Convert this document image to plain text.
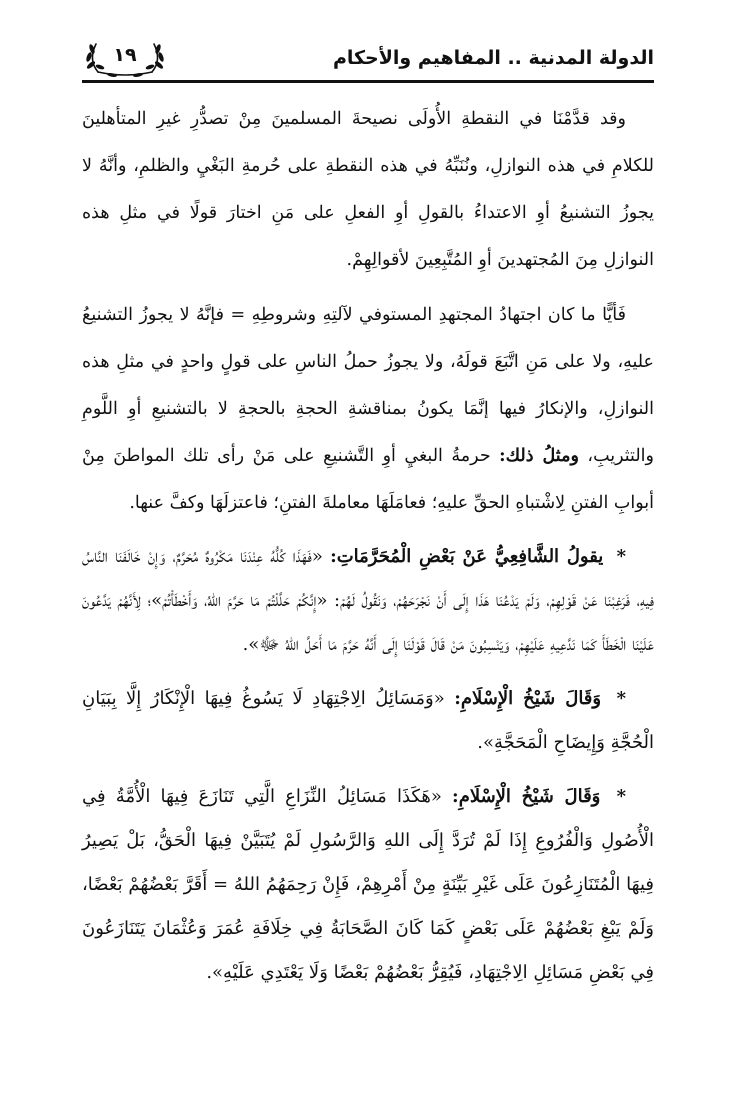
الدولة المدنية .. المفاهيم والأحكام
١٩

وقد قدَّمْنَا في النقطةِ الأُولَى نصيحةَ المسلمينَ مِنْ تصدُّرِ غيرِ المتأهلينَ للكلامِ في هذه النوازلِ، ونُنَبِّهُ في هذه النقطةِ على حُرمةِ البَغْيِ والظلمِ، وأنَّهُ لا يجوزُ التشنيعُ أوِ الاعتداءُ بالقولِ أوِ الفعلِ على مَنِ اختارَ قولًا في مثلِ هذه النوازلِ مِنَ المُجتهدينَ أوِ المُتَّبِعِينَ لأقوالِهِمْ.

فَأيًّا ما كان اجتهادُ المجتهدِ المستوفي لآلتِهِ وشروطِهِ = فإنَّهُ لا يجوزُ التشنيعُ عليهِ، ولا على مَنِ اتَّبَعَ قولَهُ، ولا يجوزُ حملُ الناسِ على قولٍ واحدٍ في مثلِ هذه النوازلِ، والإنكارُ فيها إنَّمَا يكونُ بمناقشةِ الحجةِ بالحجةِ لا بالتشنيعِ أوِ اللَّومِ والتثريبِ، ومثلُ ذلك: حرمةُ البغيِ أوِ التَّشنيعِ على مَنْ رأى تلك المواطنَ مِنْ أبوابِ الفتنِ لِاشْتباهِ الحقِّ عليهِ؛ فعامَلَهَا معاملةَ الفتنِ؛ فاعتزلَهَا وكفَّ عنها.

* يقولُ الشَّافِعِيُّ عَنْ بَعْضِ الْمُحَرَّمَاتِ: «فَهَذَا كُلُّهُ عِنْدَنَا مَكْرُوهٌ مُحَرَّمٌ، وَإِنْ خَالَفَنَا النَّاسُ فِيهِ، فَرَغِبْنَا عَنْ قَوْلِهِمْ، وَلَمْ يَدْعُنَا هَذَا إِلَى أَنْ نَجْرَحَهُمْ، وَنَقُولُ لَهُمْ: «إِنَّكُمْ حَلَّلْتُمْ مَا حَرَّمَ اللهُ، وَأَخْطَأْتُمْ»؛ لِأَنَّهُمْ يَدَّعُونَ عَلَيْنَا الْخَطَأَ كَمَا نَدَّعِيهِ عَلَيْهِمْ، وَيَنْسِبُونَ مَنْ قَالَ قَوْلَنَا إِلَى أَنَّهُ حَرَّمَ مَا أَحَلَّ اللهُ ﷻ».

* وَقَالَ شَيْخُ الْإِسْلَامِ: «وَمَسَائِلُ الِاجْتِهَادِ لَا يَسُوغُ فِيهَا الْإِنْكَارُ إِلَّا بِبَيَانِ الْحُجَّةِ وَإِيضَاحِ الْمَحَجَّةِ».

* وَقَالَ شَيْخُ الْإِسْلَامِ: «هَكَذَا مَسَائِلُ النِّزَاعِ الَّتِي تَنَازَعَ فِيهَا الْأُمَّةُ فِي الْأُصُولِ وَالْفُرُوعِ إِذَا لَمْ تُرَدَّ إِلَى اللهِ وَالرَّسُولِ لَمْ يُتَبَيَّنْ فِيهَا الْحَقُّ، بَلْ يَصِيرُ فِيهَا الْمُتَنَازِعُونَ عَلَى غَيْرِ بَيِّنَةٍ مِنْ أَمْرِهِمْ، فَإِنْ رَحِمَهُمُ اللهُ = أَقَرَّ بَعْضُهُمْ بَعْضًا، وَلَمْ يَبْغِ بَعْضُهُمْ عَلَى بَعْضٍ كَمَا كَانَ الصَّحَابَةُ فِي خِلَافَةِ عُمَرَ وَعُثْمَانَ يَتَنَازَعُونَ فِي بَعْضِ مَسَائِلِ الِاجْتِهَادِ، فَيُقِرُّ بَعْضُهُمْ بَعْضًا وَلَا يَعْتَدِي عَلَيْهِ».
